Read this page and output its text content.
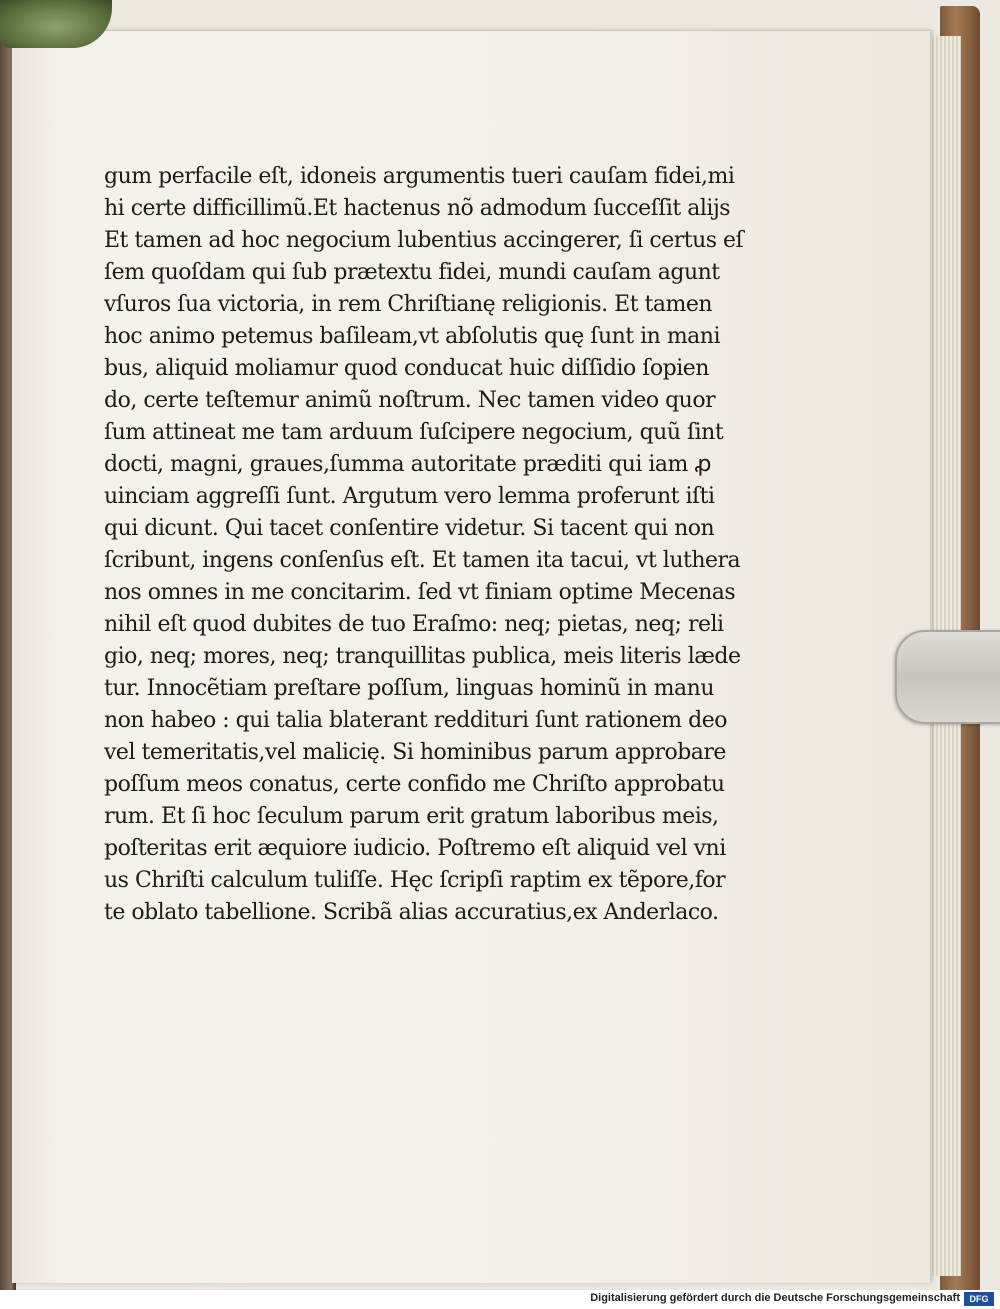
gum perfacile eſt, idoneis argumentis tueri cauſam fidei,mi
hi certe difficillimũ.Et hactenus nõ admodum ſucceſſit alijs
Et tamen ad hoc negocium lubentius accingerer, ſi certus eſ
ſem quoſdam qui ſub prætextu fidei, mundi cauſam agunt
vſuros ſua victoria, in rem Chriſtianę religionis. Et tamen
hoc animo petemus baſileam,vt abſolutis quę ſunt in mani
bus, aliquid moliamur quod conducat huic diſſidio ſopien
do, certe teſtemur animũ noſtrum. Nec tamen video quor
ſum attineat me tam arduum ſuſcipere negocium, quũ ſint
docti, magni, graues,ſumma autoritate præditi qui iam ꝓ
uinciam aggreſſi ſunt. Argutum vero lemma proferunt iſti
qui dicunt. Qui tacet conſentire videtur. Si tacent qui non
ſcribunt, ingens conſenſus eſt. Et tamen ita tacui, vt luthera
nos omnes in me concitarim. ſed vt finiam optime Mecenas
nihil eſt quod dubites de tuo Eraſmo: neq; pietas, neq; reli
gio, neq; mores, neq; tranquillitas publica, meis literis læde
tur. Innocẽtiam preſtare poſſum, linguas hominũ in manu
non habeo : qui talia blaterant reddituri ſunt rationem deo
vel temeritatis,vel malicię. Si hominibus parum approbare
poſſum meos conatus, certe confido me Chriſto approbatu
rum. Et ſi hoc ſeculum parum erit gratum laboribus meis,
poſteritas erit æquiore iudicio. Poſtremo eſt aliquid vel vni
us Chriſti calculum tuliſſe. Hęc ſcripſi raptim ex tẽpore,for
te oblato tabellione. Scribã alias accuratius,ex Anderlaco.
Digitalisierung gefördert durch die Deutsche Forschungsgemeinschaft	DFG
